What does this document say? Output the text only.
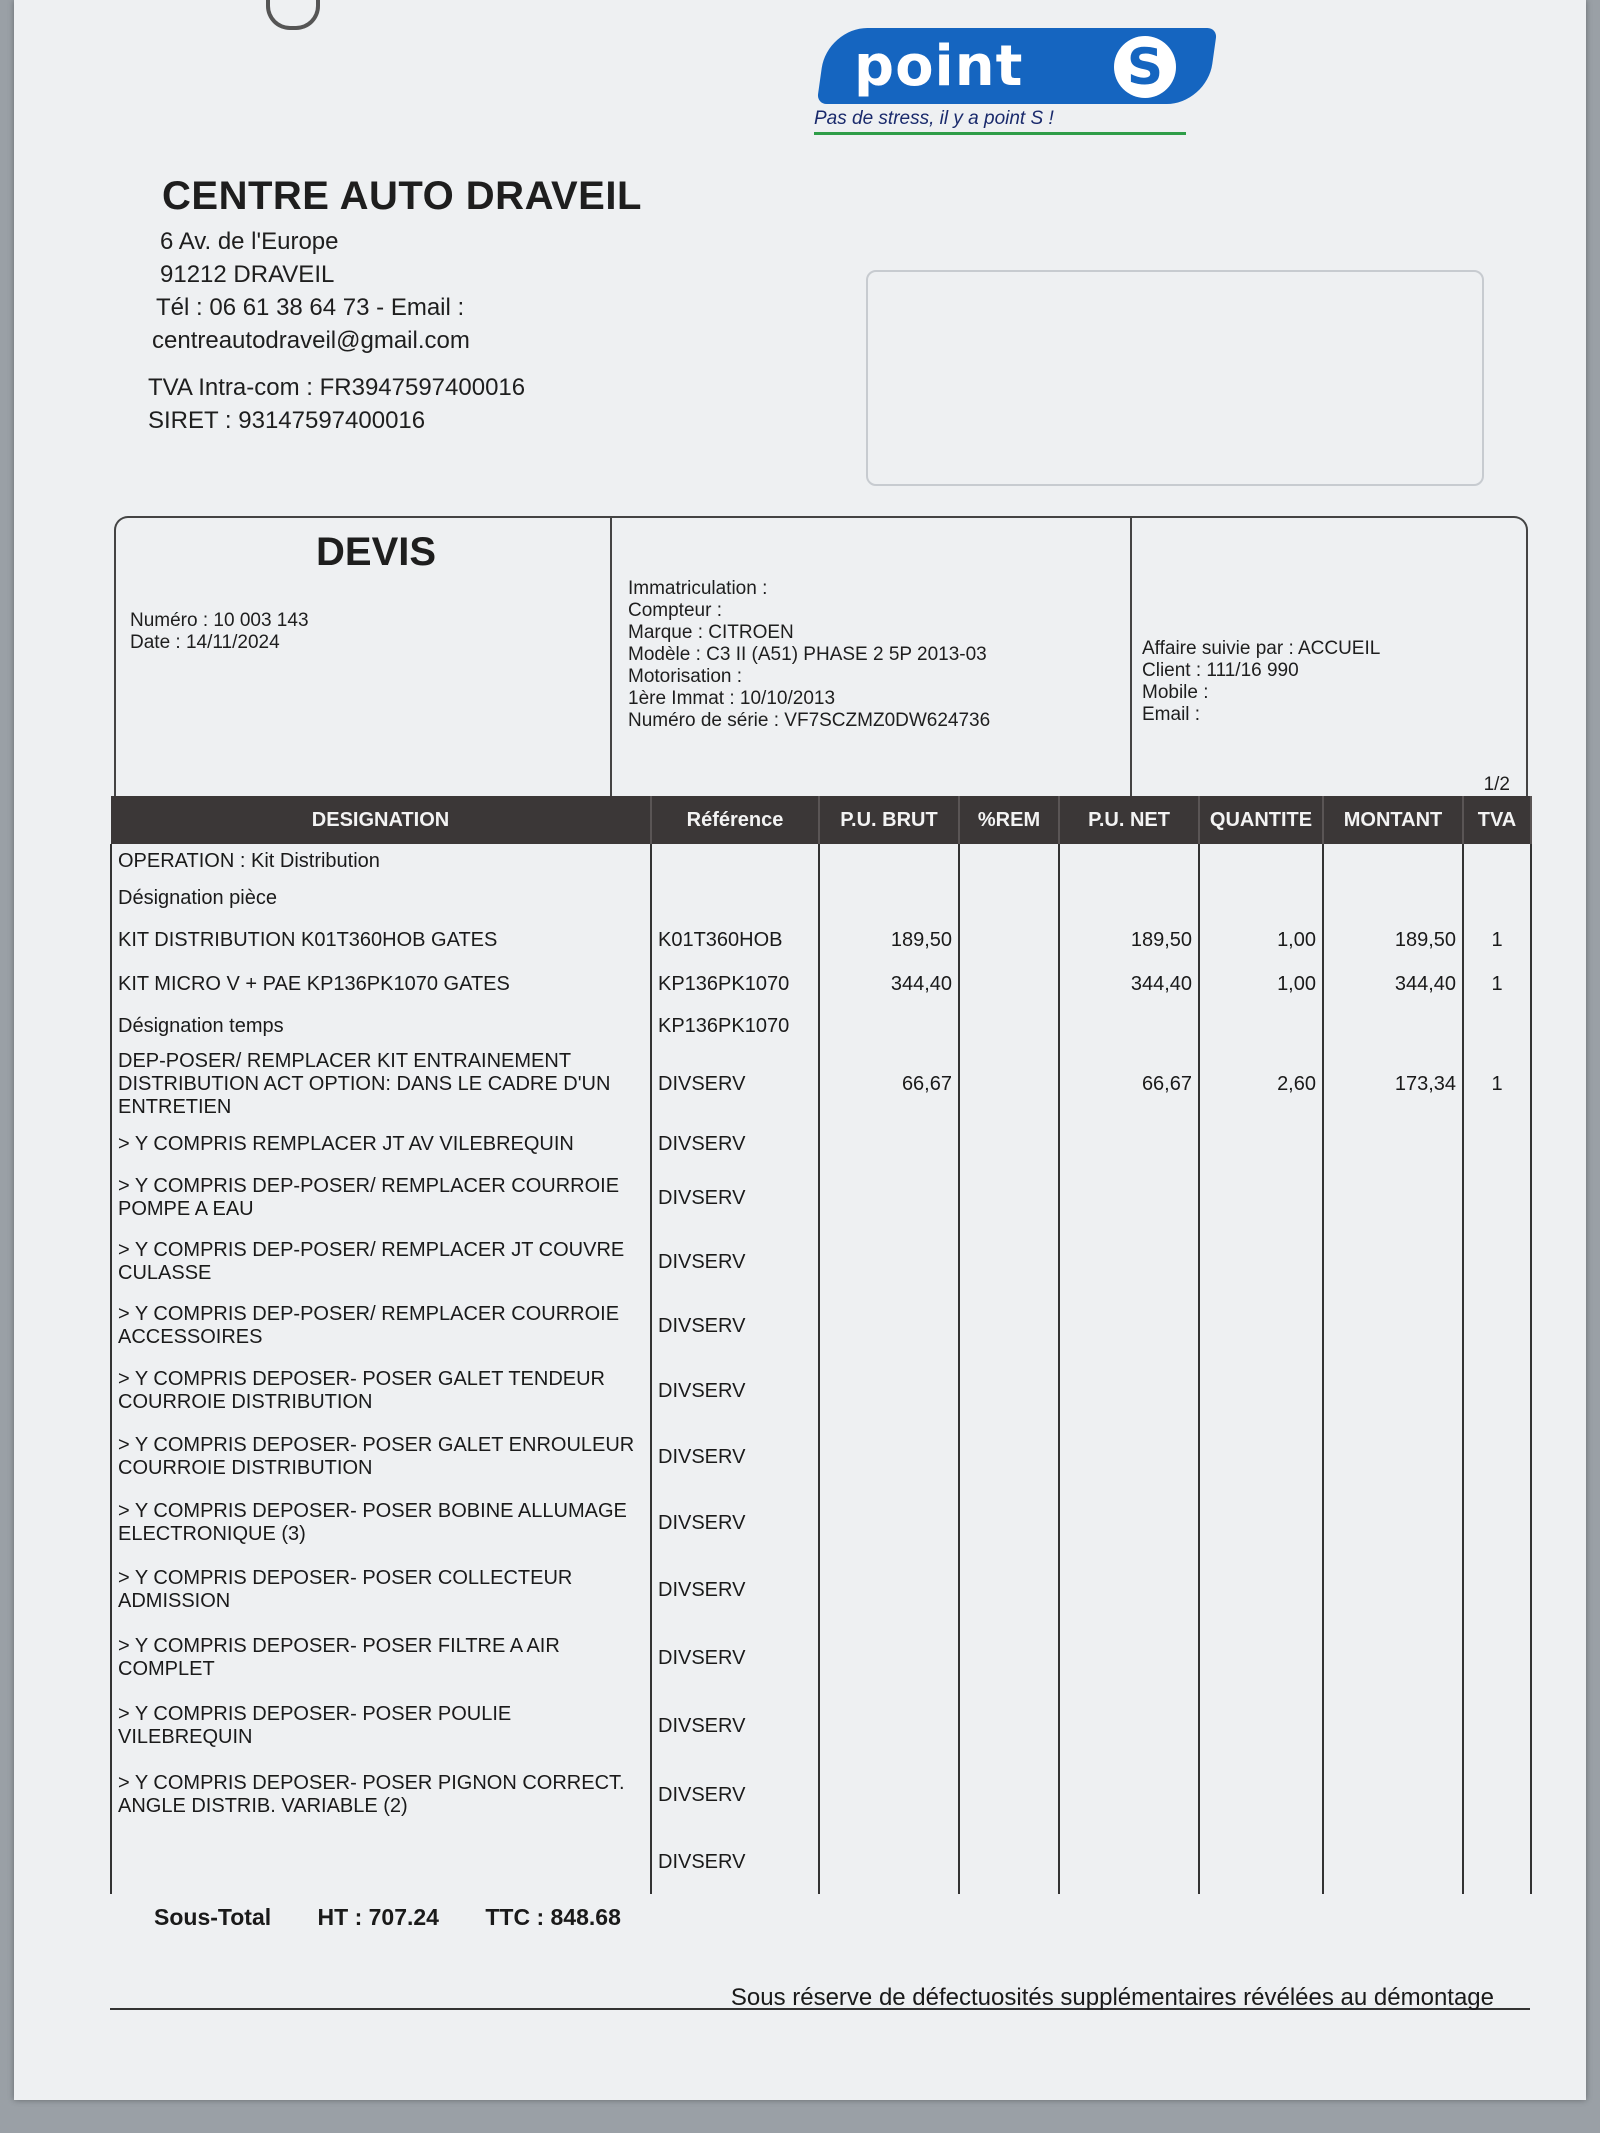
point S
Pas de stress, il y a point S !
CENTRE AUTO DRAVEIL
6 Av. de l'Europe
91212 DRAVEIL
Tél : 06 61 38 64 73 - Email :
centreautodraveil@gmail.com
TVA Intra-com : FR3947597400016
SIRET : 93147597400016
DEVIS
Numéro : 10 003 143
Date : 14/11/2024
Immatriculation :
Compteur :
Marque : CITROEN
Modèle : C3 II (A51) PHASE 2 5P 2013-03
Motorisation :
1ère Immat : 10/10/2013
Numéro de série : VF7SCZMZ0DW624736
Affaire suivie par : ACCUEIL
Client : 111/16 990
Mobile :
Email :
1/2
DESIGNATION	Référence	P.U. BRUT	%REM	P.U. NET	QUANTITE	MONTANT	TVA
OPERATION : Kit Distribution							
Désignation pièce							
KIT DISTRIBUTION K01T360HOB GATES	K01T360HOB	189,50		189,50	1,00	189,50	1
KIT MICRO V + PAE KP136PK1070 GATES	KP136PK1070	344,40		344,40	1,00	344,40	1
Désignation temps	KP136PK1070						
DEP-POSER/ REMPLACER KIT ENTRAINEMENT DISTRIBUTION ACT OPTION: DANS LE CADRE D'UN ENTRETIEN	DIVSERV	66,67		66,67	2,60	173,34	1
> Y COMPRIS REMPLACER JT AV VILEBREQUIN	DIVSERV						
> Y COMPRIS DEP-POSER/ REMPLACER COURROIE POMPE A EAU	DIVSERV						
> Y COMPRIS DEP-POSER/ REMPLACER JT COUVRE CULASSE	DIVSERV						
> Y COMPRIS DEP-POSER/ REMPLACER COURROIE ACCESSOIRES	DIVSERV						
> Y COMPRIS DEPOSER- POSER GALET TENDEUR COURROIE DISTRIBUTION	DIVSERV						
> Y COMPRIS DEPOSER- POSER GALET ENROULEUR COURROIE DISTRIBUTION	DIVSERV						
> Y COMPRIS DEPOSER- POSER BOBINE ALLUMAGE ELECTRONIQUE (3)	DIVSERV						
> Y COMPRIS DEPOSER- POSER COLLECTEUR ADMISSION	DIVSERV						
> Y COMPRIS DEPOSER- POSER FILTRE A AIR COMPLET	DIVSERV						
> Y COMPRIS DEPOSER- POSER POULIE VILEBREQUIN	DIVSERV						
> Y COMPRIS DEPOSER- POSER PIGNON CORRECT. ANGLE DISTRIB. VARIABLE (2)	DIVSERV						
	DIVSERV						
Sous-Total HT : 707.24 TTC : 848.68
Sous réserve de défectuosités supplémentaires révélées au démontage
